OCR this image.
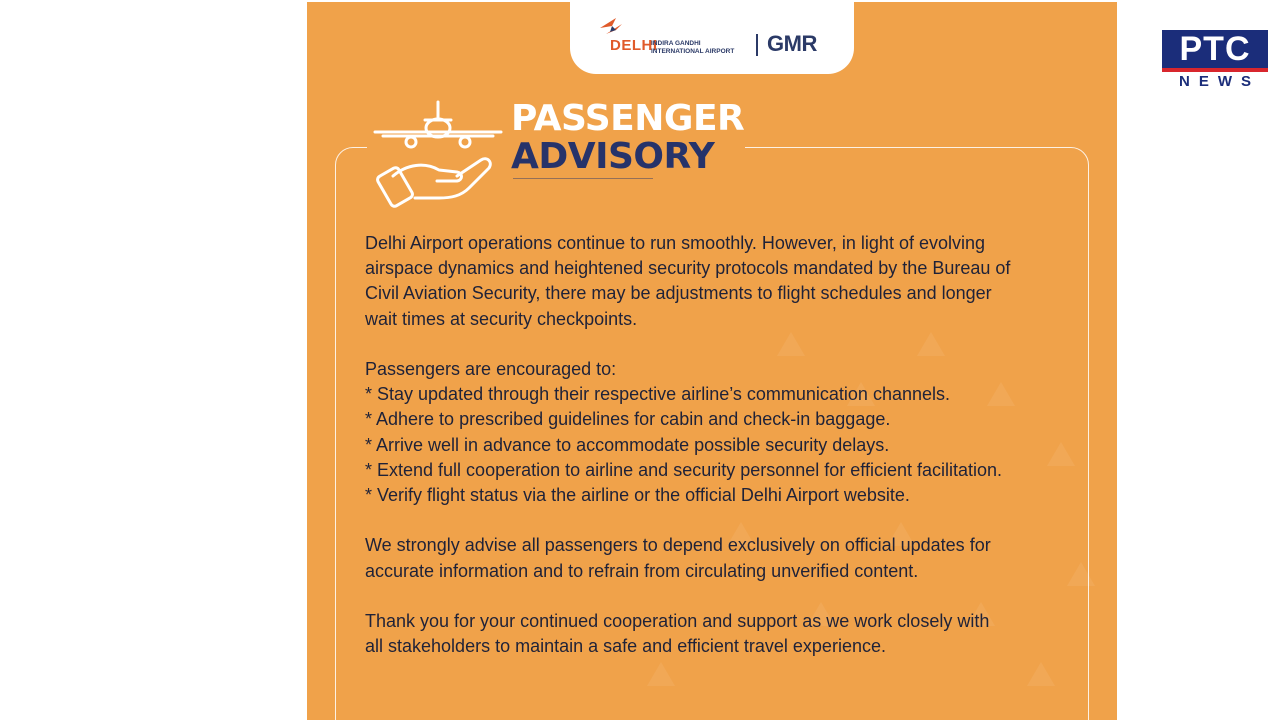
DELHI
INDIRA GANDHI
INTERNATIONAL AIRPORT GMR
PASSENGER
ADVISORY

Delhi Airport operations continue to run smoothly. However, in light of evolving

airspace dynamics and heightened security protocols mandated by the Bureau of

Civil Aviation Security, there may be adjustments to flight schedules and longer

wait times at security checkpoints.

Passengers are encouraged to:

* Stay updated through their respective airline’s communication channels.

* Adhere to prescribed guidelines for cabin and check-in baggage.

* Arrive well in advance to accommodate possible security delays.

* Extend full cooperation to airline and security personnel for efficient facilitation.

* Verify flight status via the airline or the official Delhi Airport website.

We strongly advise all passengers to depend exclusively on official updates for

accurate information and to refrain from circulating unverified content.

Thank you for your continued cooperation and support as we work closely with

all stakeholders to maintain a safe and efficient travel experience.

PTC
NEWS
